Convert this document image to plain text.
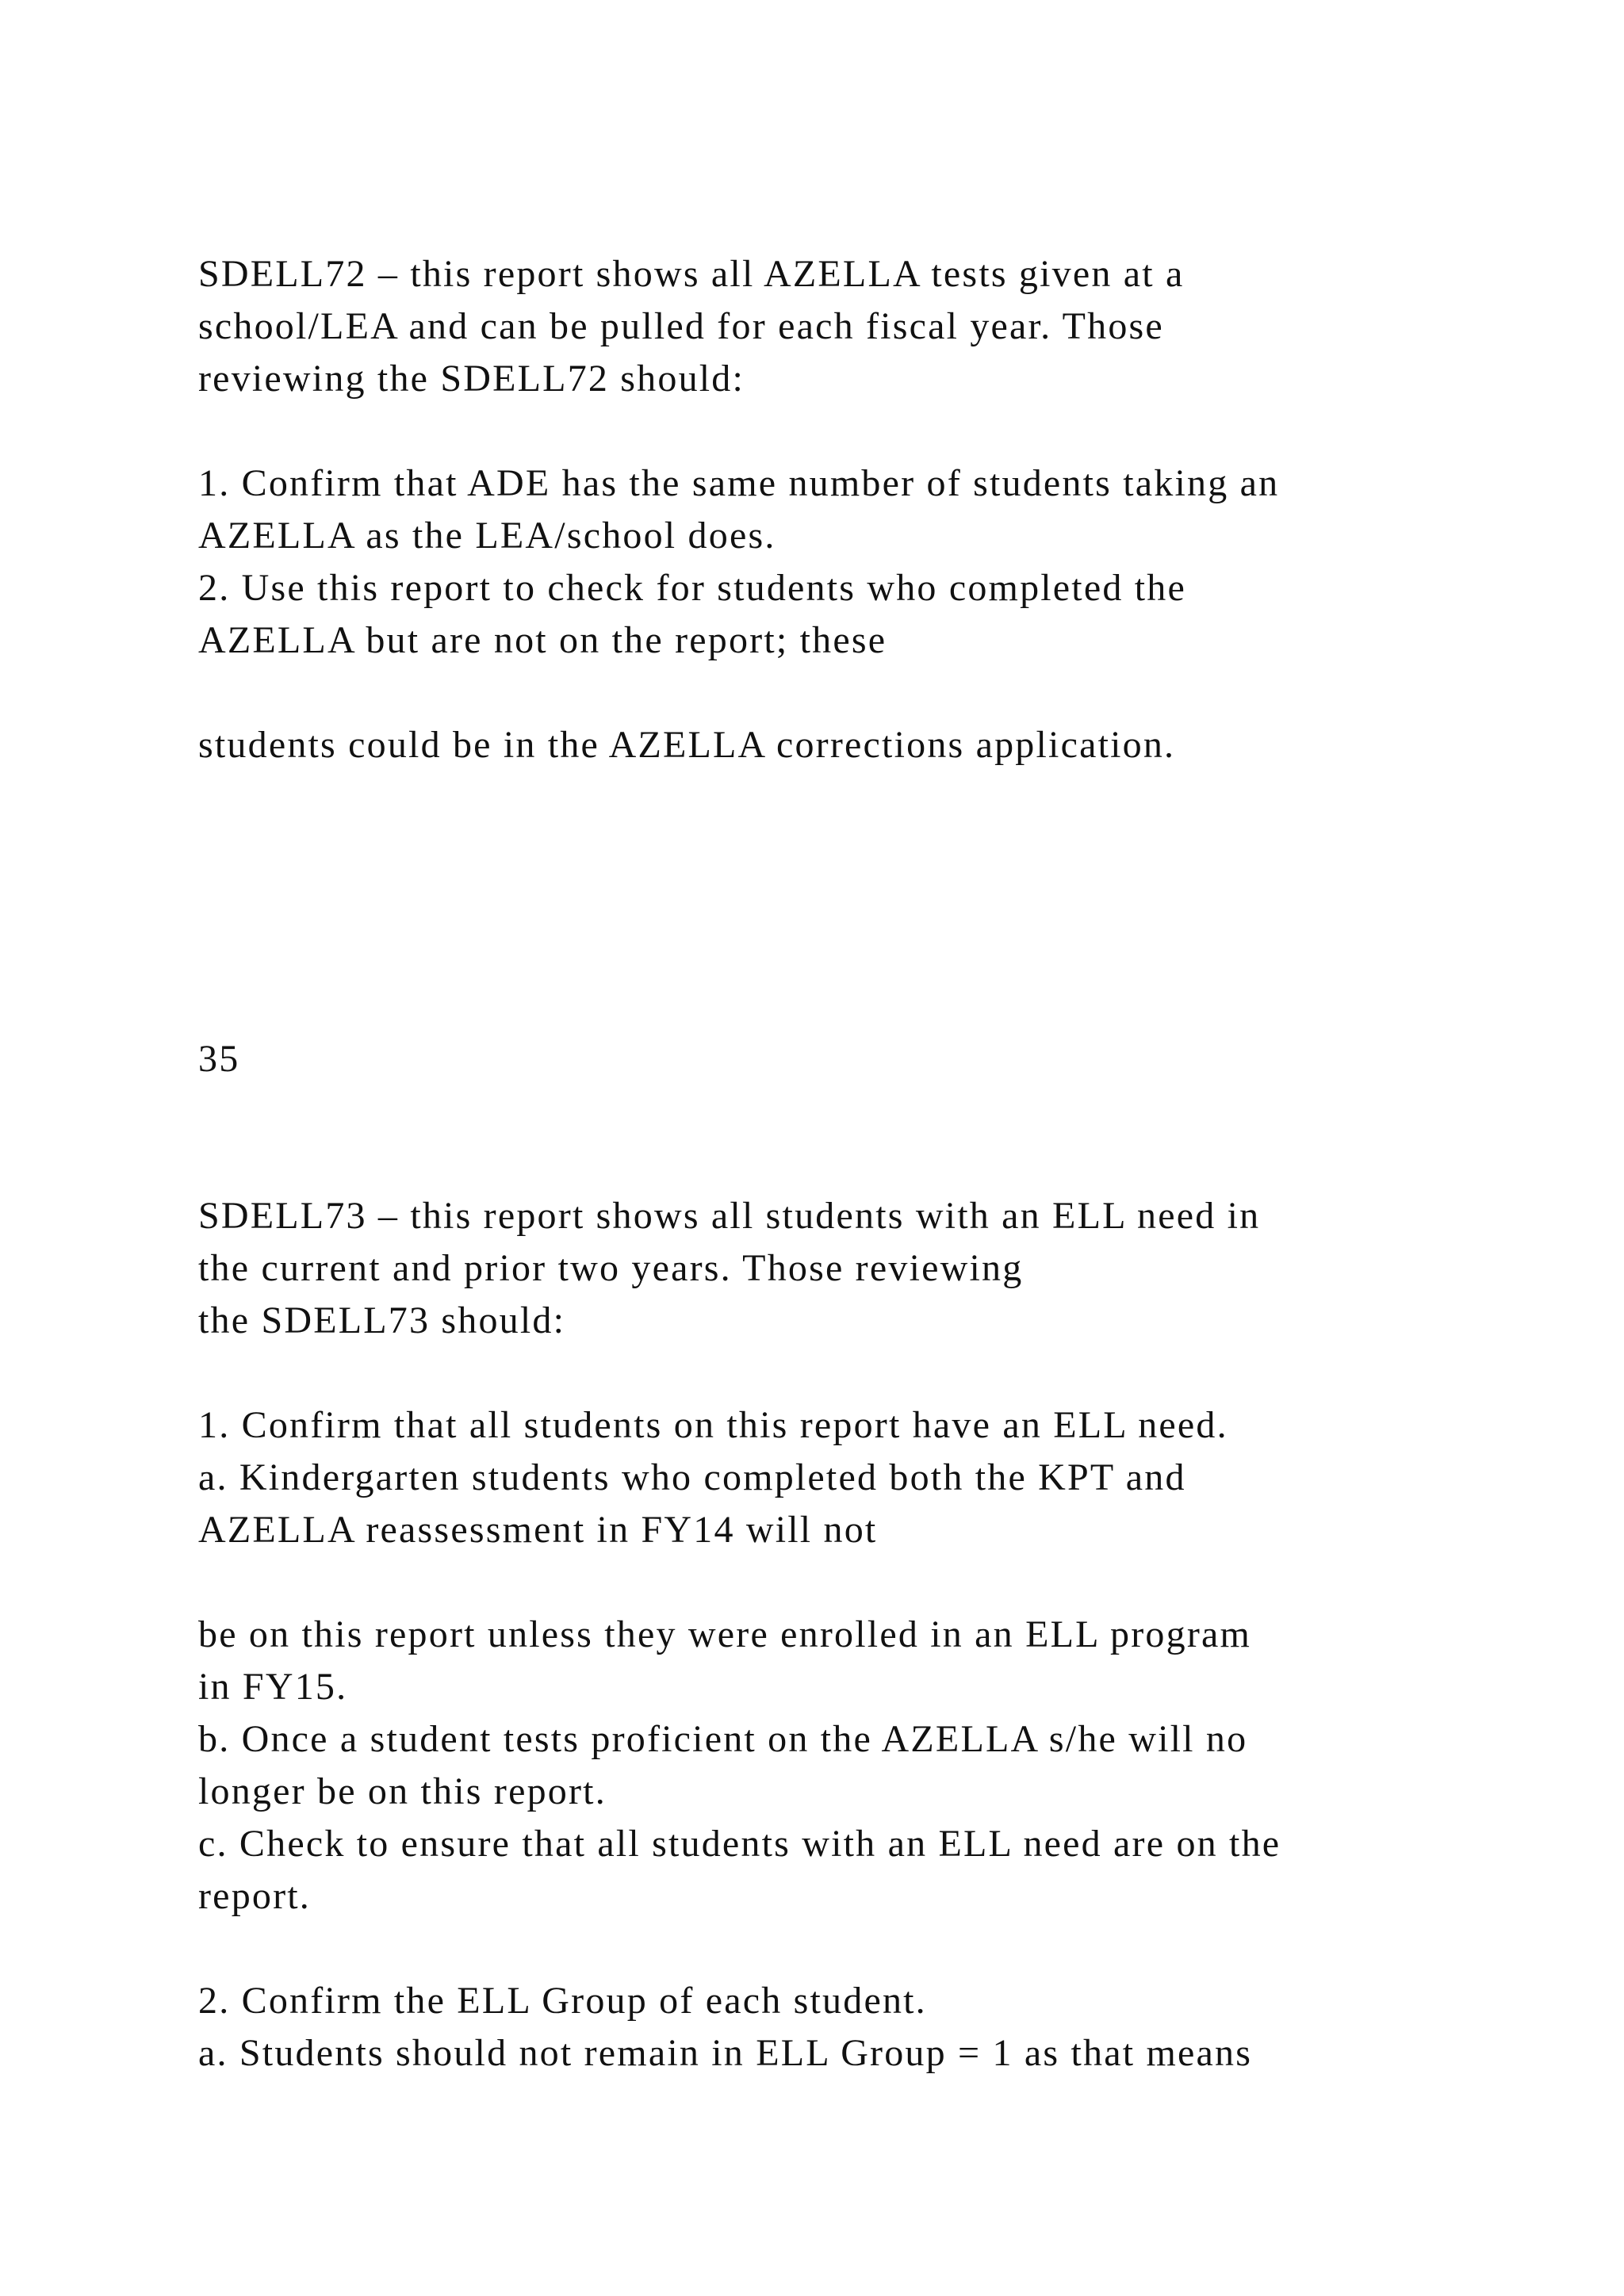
SDELL72 – this report shows all AZELLA tests given at a

school/LEA and can be pulled for each fiscal year. Those

reviewing the SDELL72 should:

1. Confirm that ADE has the same number of students taking an

AZELLA as the LEA/school does.

2. Use this report to check for students who completed the

AZELLA but are not on the report; these

students could be in the AZELLA corrections application.

35

SDELL73 – this report shows all students with an ELL need in

the current and prior two years. Those reviewing

the SDELL73 should:

1. Confirm that all students on this report have an ELL need.

a. Kindergarten students who completed both the KPT and

AZELLA reassessment in FY14 will not

be on this report unless they were enrolled in an ELL program

in FY15.

b. Once a student tests proficient on the AZELLA s/he will no

longer be on this report.

c. Check to ensure that all students with an ELL need are on the

report.

2. Confirm the ELL Group of each student.

a. Students should not remain in ELL Group = 1 as that means
